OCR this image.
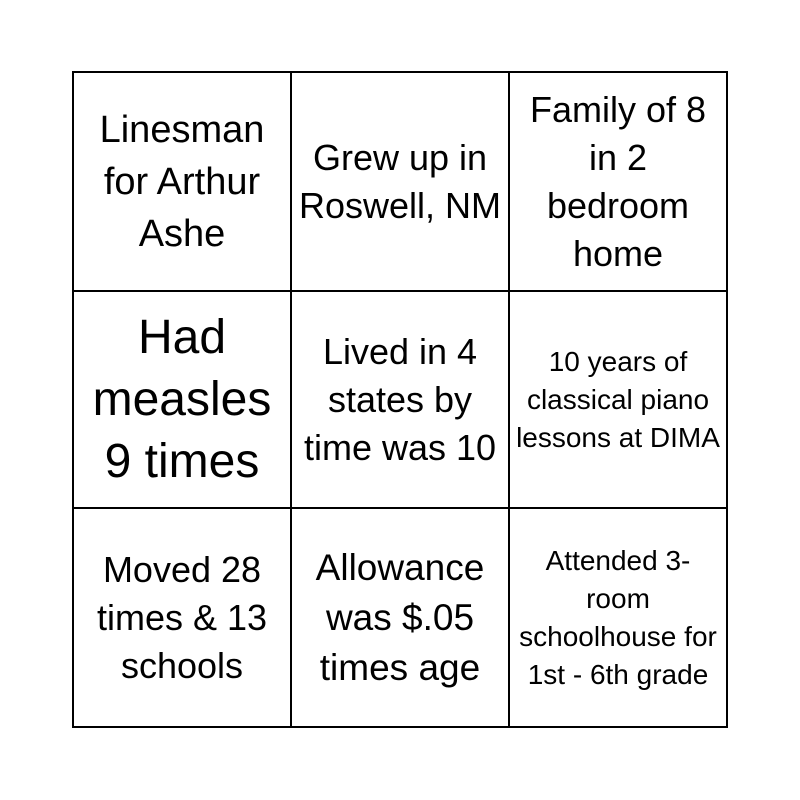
Linesman for Arthur Ashe
Grew up in Roswell, NM
Family of 8 in 2 bedroom home
Had measles 9 times
Lived in 4 states by time was 10
10 years of classical piano lessons at DIMA
Moved 28 times & 13 schools
Allowance was $.05 times age
Attended 3-room schoolhouse for 1st - 6th grade
